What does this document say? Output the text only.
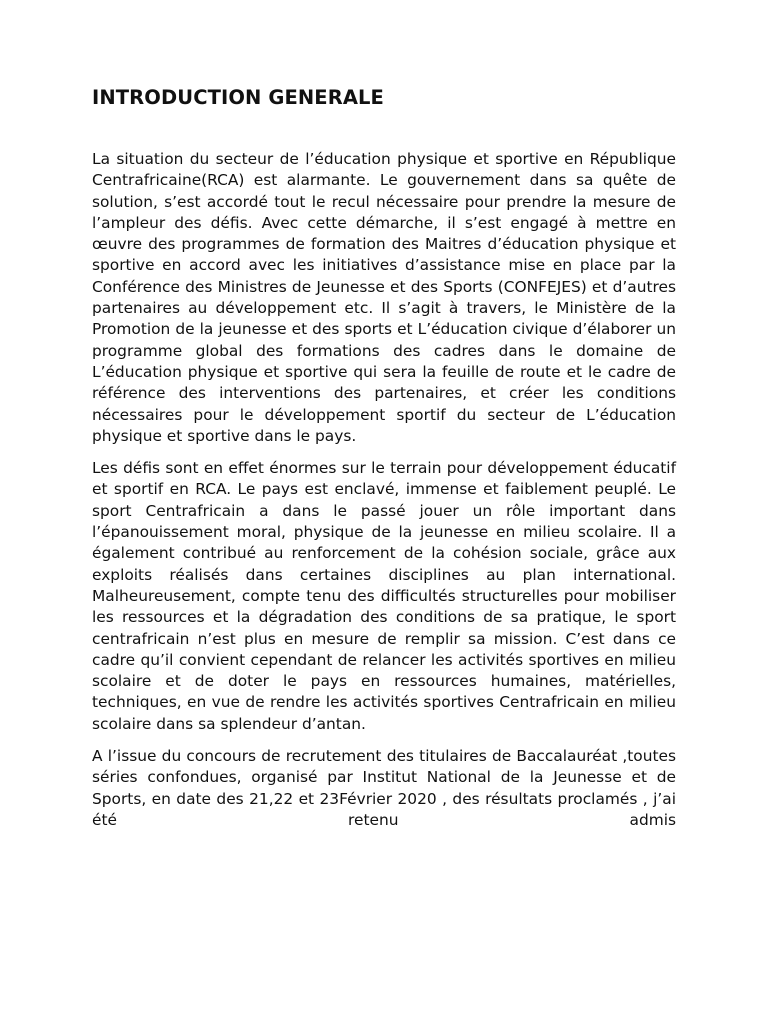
INTRODUCTION GENERALE

La situation du secteur de l’éducation physique et sportive en République Centrafricaine(RCA) est alarmante. Le gouvernement dans sa quête de solution, s’est accordé tout le recul nécessaire pour prendre la mesure de l’ampleur des défis. Avec cette démarche, il s’est engagé à mettre en œuvre des programmes de formation des Maitres d’éducation physique et sportive en accord avec les initiatives d’assistance mise en place par la Conférence des Ministres de Jeunesse et des Sports (CONFEJES) et d’autres partenaires au développement etc. Il s’agit à travers, le Ministère de la Promotion de la jeunesse et des sports et L’éducation civique d’élaborer un programme global des formations des cadres dans le domaine de L’éducation physique et sportive qui sera la feuille de route et le cadre de référence des interventions des partenaires, et créer les conditions nécessaires pour le développement sportif du secteur de L’éducation physique et sportive dans le pays.

Les défis sont en effet énormes sur le terrain pour développement éducatif et sportif en RCA. Le pays est enclavé, immense et faiblement peuplé. Le sport Centrafricain a dans le passé jouer un rôle important dans l’épanouissement moral, physique de la jeunesse en milieu scolaire. Il a également contribué au renforcement de la cohésion sociale, grâce aux exploits réalisés dans certaines disciplines au plan international. Malheureusement, compte tenu des difficultés structurelles pour mobiliser les ressources et la dégradation des conditions de sa pratique, le sport centrafricain n’est plus en mesure de remplir sa mission. C’est dans ce cadre qu’il convient cependant de relancer les activités sportives en milieu scolaire et de doter le pays en ressources humaines, matérielles, techniques, en vue de rendre les activités sportives Centrafricain en milieu scolaire dans sa splendeur d’antan.

A l’issue du concours de recrutement des titulaires de Baccalauréat ,toutes séries confondues, organisé par Institut National de la Jeunesse et de Sports, en date des 21,22 et 23Février 2020 , des résultats proclamés , j’ai été retenu admis
